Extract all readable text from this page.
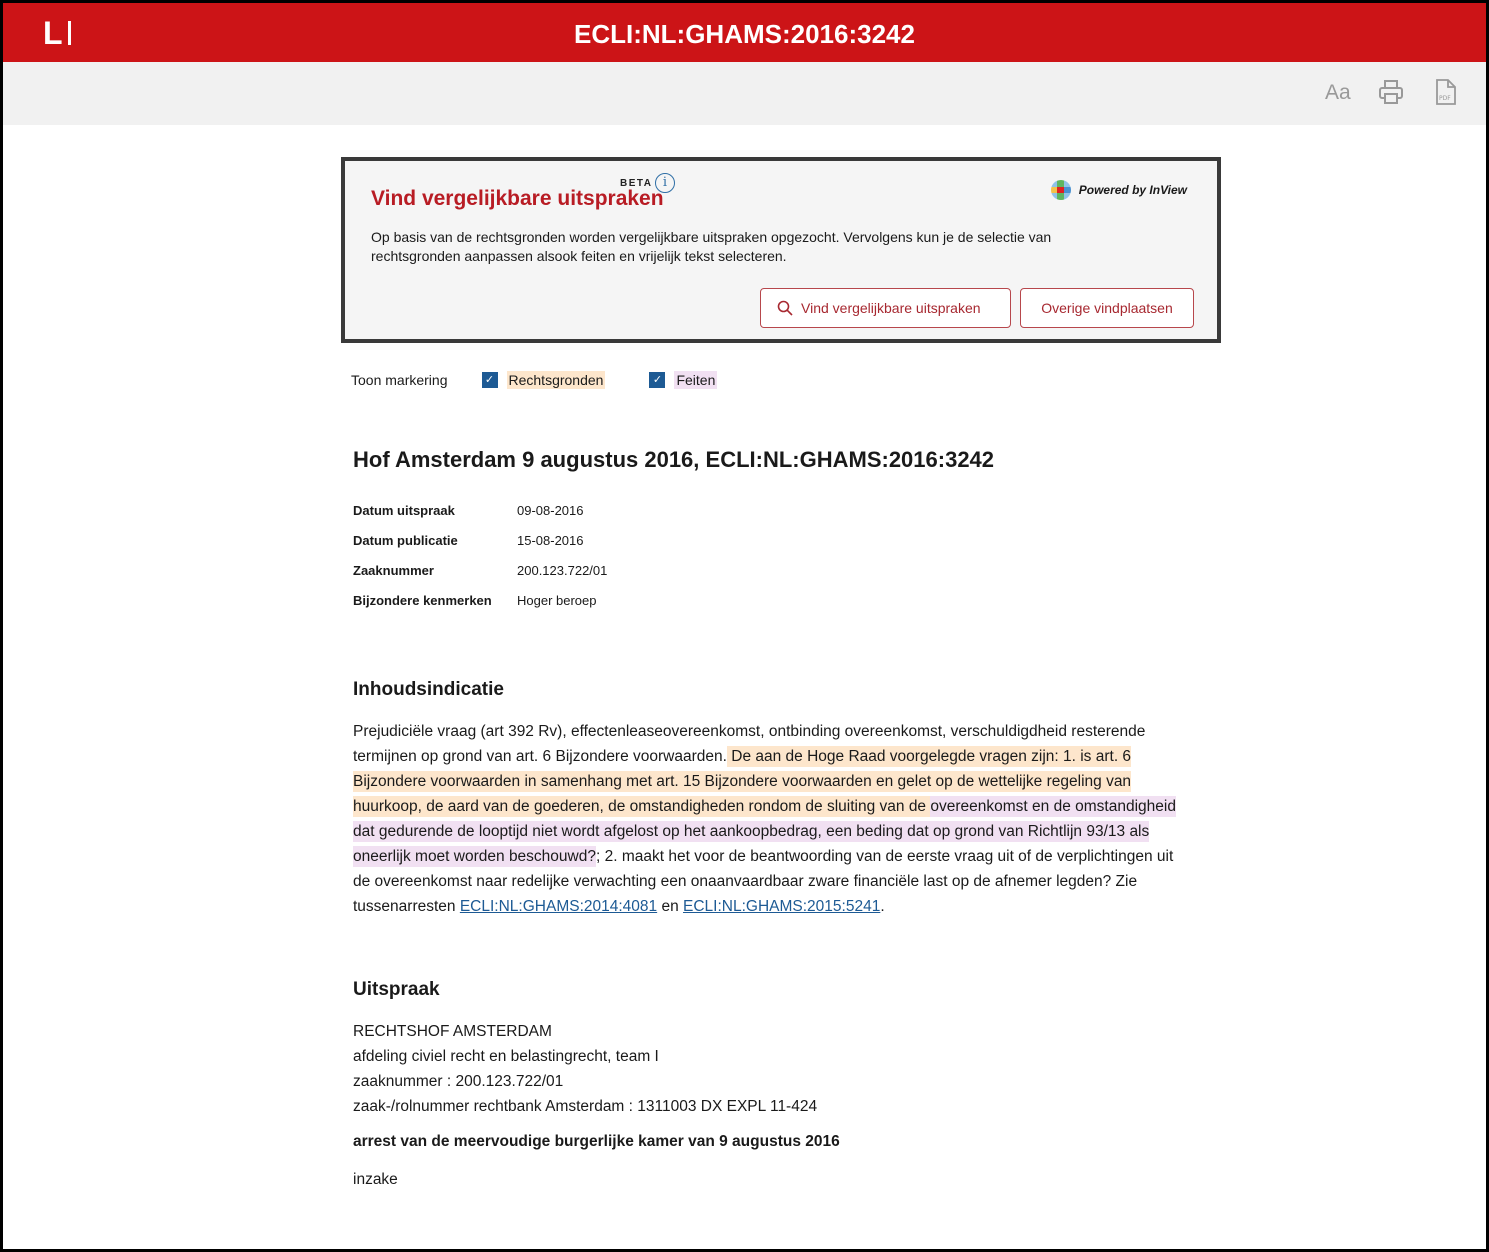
L	ECLI:NL:GHAMS:2016:3242
Aa	PDF
Vind vergelijkbare uitspraken
BETA i	Powered by InView
Op basis van de rechtsgronden worden vergelijkbare uitspraken opgezocht. Vervolgens kun je de selectie van rechtsgronden aanpassen alsook feiten en vrijelijk tekst selecteren.
Vind vergelijkbare uitspraken	Overige vindplaatsen
Toon markering	✓ Rechtsgronden	✓ Feiten
Hof Amsterdam 9 augustus 2016, ECLI:NL:GHAMS:2016:3242
Datum uitspraak	09-08-2016
Datum publicatie	15-08-2016
Zaaknummer	200.123.722/01
Bijzondere kenmerken	Hoger beroep
Inhoudsindicatie

Prejudiciële vraag (art 392 Rv), effectenleaseovereenkomst, ontbinding overeenkomst, verschuldigdheid resterende termijnen op grond van art. 6 Bijzondere voorwaarden. De aan de Hoge Raad voorgelegde vragen zijn: 1. is art. 6 Bijzondere voorwaarden in samenhang met art. 15 Bijzondere voorwaarden en gelet op de wettelijke regeling van huurkoop, de aard van de goederen, de omstandigheden rondom de sluiting van de overeenkomst en de omstandigheid dat gedurende de looptijd niet wordt afgelost op het aankoopbedrag, een beding dat op grond van Richtlijn 93/13 als oneerlijk moet worden beschouwd?; 2. maakt het voor de beantwoording van de eerste vraag uit of de verplichtingen uit de overeenkomst naar redelijke verwachting een onaanvaardbaar zware financiële last op de afnemer legden? Zie tussenarresten ECLI:NL:GHAMS:2014:4081 en ECLI:NL:GHAMS:2015:5241.

Uitspraak
RECHTSHOF AMSTERDAM
afdeling civiel recht en belastingrecht, team I
zaaknummer : 200.123.722/01
zaak-/rolnummer rechtbank Amsterdam : 1311003 DX EXPL 11-424
arrest van de meervoudige burgerlijke kamer van 9 augustus 2016
inzake
